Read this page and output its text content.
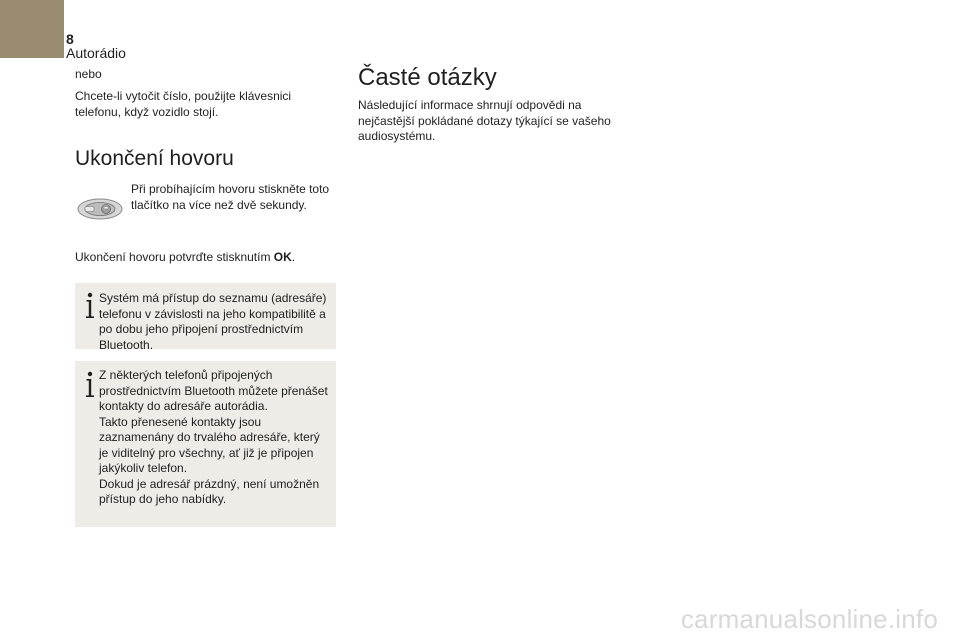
8
Autorádio

nebo

Chcete-li vytočit číslo, použijte klávesnici telefonu, když vozidlo stojí.

Ukončení hovoru

Při probíhajícím hovoru stiskněte toto tlačítko na více než dvě sekundy.

Ukončení hovoru potvrďte stisknutím OK.

Systém má přístup do seznamu (adresáře) telefonu v závislosti na jeho kompatibilitě a po dobu jeho připojení prostřednictvím Bluetooth.

Z některých telefonů připojených prostřednictvím Bluetooth můžete přenášet kontakty do adresáře autorádia.
Takto přenesené kontakty jsou zaznamenány do trvalého adresáře, který je viditelný pro všechny, ať již je připojen jakýkoliv telefon.
Dokud je adresář prázdný, není umožněn přístup do jeho nabídky.

Časté otázky

Následující informace shrnují odpovědi na nejčastější pokládané dotazy týkající se vašeho audiosystému.

carmanualsonline.info
